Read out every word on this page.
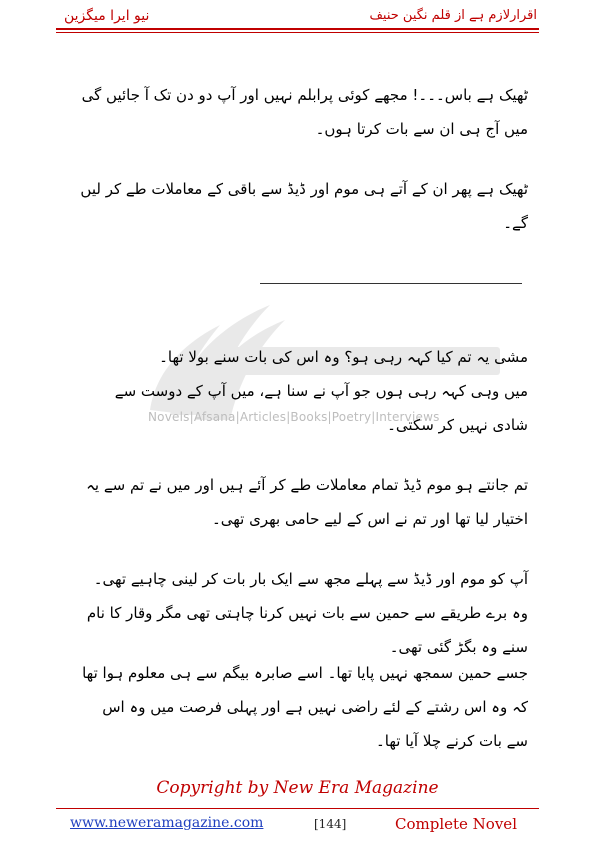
نیو ایرا میگزین	اقرارلازم ہے از قلم نگین حنیف
Novels|Afsana|Articles|Books|Poetry|Interviews
ٹھیک ہے باس۔۔۔! مجھے کوئی پرابلم نہیں اور آپ دو دن تک آ جائیں گی میں آج ہی ان سے بات کرتا ہوں۔
ٹھیک ہے پھر ان کے آتے ہی موم اور ڈیڈ سے باقی کے معاملات طے کر لیں گے۔
مشی یہ تم کیا کہہ رہی ہو؟ وہ اس کی بات سنے بولا تھا۔
میں وہی کہہ رہی ہوں جو آپ نے سنا ہے، میں آپ کے دوست سے شادی نہیں کر سکتی۔
تم جانتے ہو موم ڈیڈ تمام معاملات طے کر آئے ہیں اور میں نے تم سے یہ اختیار لیا تھا اور تم نے اس کے لیے حامی بھری تھی۔
آپ کو موم اور ڈیڈ سے پہلے مجھ سے ایک بار بات کر لینی چاہیے تھی۔ وہ برے طریقے سے حمین سے بات نہیں کرنا چاہتی تھی مگر وقار کا نام سنے وہ بگڑ گئی تھی۔
جسے حمین سمجھ نہیں پایا تھا۔ اسے صابرہ بیگم سے ہی معلوم ہوا تھا کہ وہ اس رشتے کے لئے راضی نہیں ہے اور پہلی فرصت میں وہ اس سے بات کرنے چلا آیا تھا۔
Copyright by New Era Magazine
www.neweramagazine.com	[144]	Complete Novel
